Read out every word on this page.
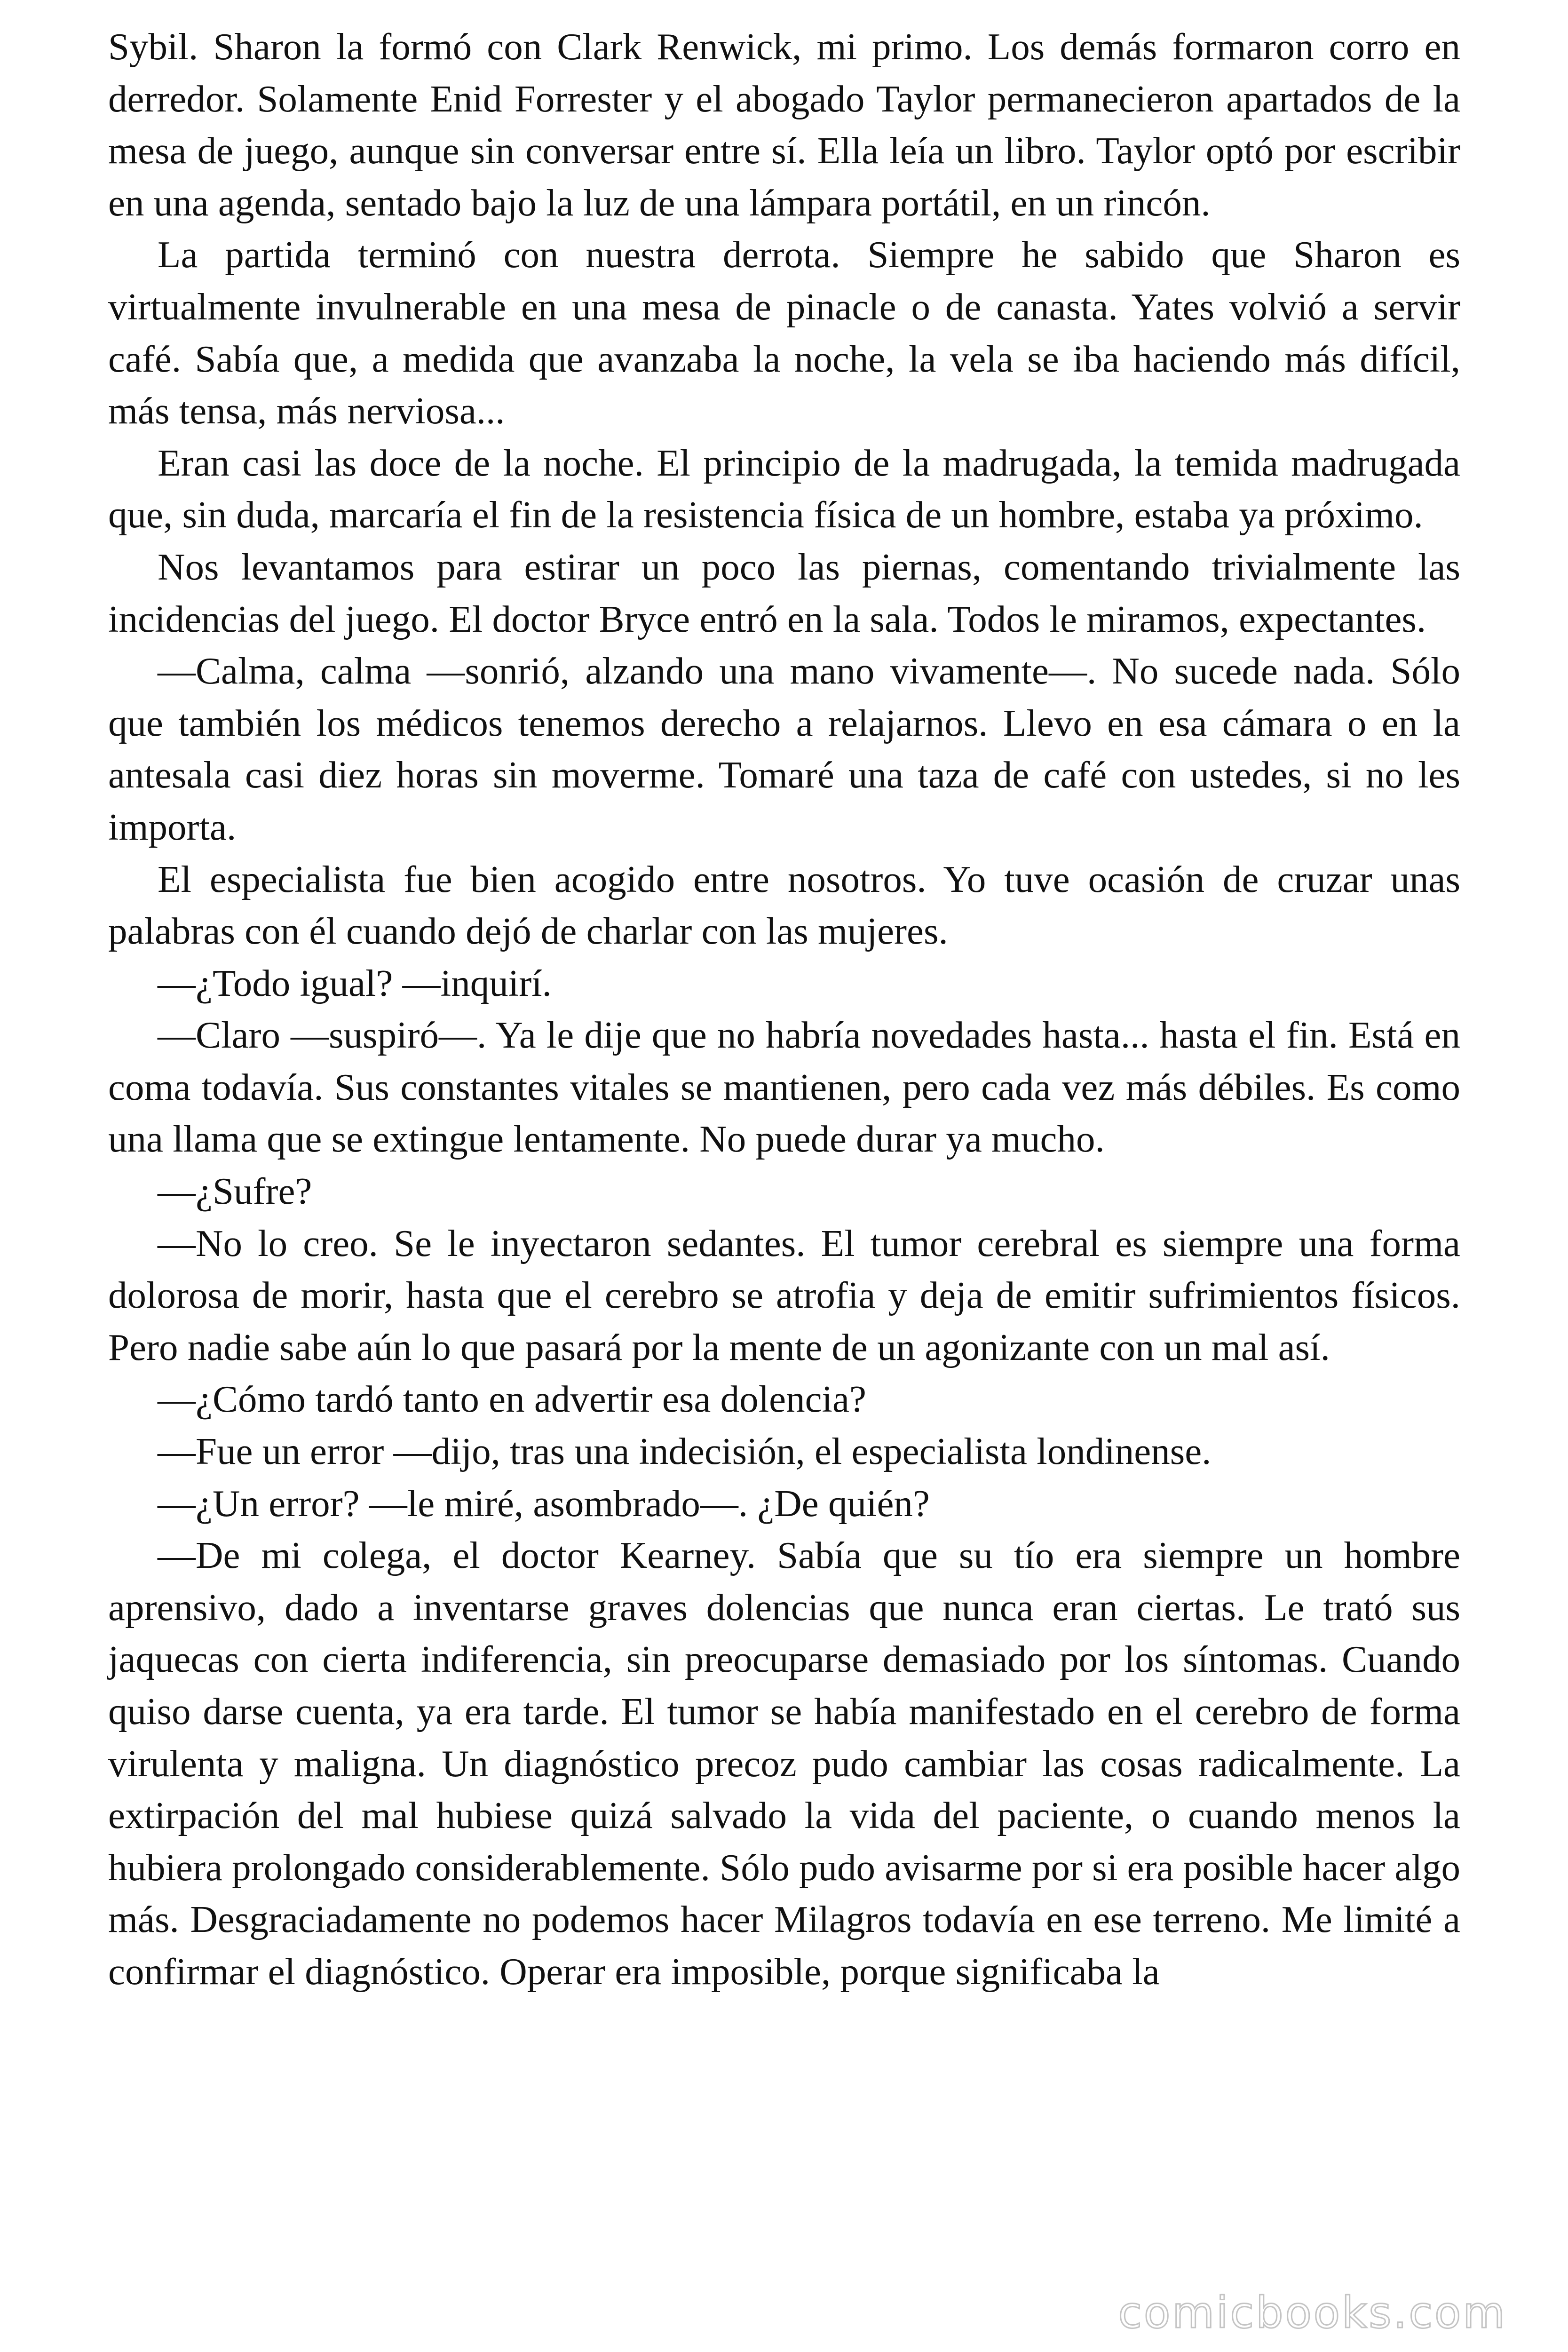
Sybil. Sharon la formó con Clark Renwick, mi primo. Los demás formaron corro en derredor. Solamente Enid Forrester y el abogado Taylor permanecieron apartados de la mesa de juego, aunque sin conversar entre sí. Ella leía un libro. Taylor optó por escribir en una agenda, sentado bajo la luz de una lámpara portátil, en un rincón.

La partida terminó con nuestra derrota. Siempre he sabido que Sharon es virtualmente invulnerable en una mesa de pinacle o de canasta. Yates volvió a servir café. Sabía que, a medida que avanzaba la noche, la vela se iba haciendo más difícil, más tensa, más nerviosa...

Eran casi las doce de la noche. El principio de la madrugada, la temida madrugada que, sin duda, marcaría el fin de la resistencia física de un hombre, estaba ya próximo.

Nos levantamos para estirar un poco las piernas, comentando trivialmente las incidencias del juego. El doctor Bryce entró en la sala. Todos le miramos, expectantes.

—Calma, calma —sonrió, alzando una mano vivamente—. No sucede nada. Sólo que también los médicos tenemos derecho a relajarnos. Llevo en esa cámara o en la antesala casi diez horas sin moverme. Tomaré una taza de café con ustedes, si no les importa.

El especialista fue bien acogido entre nosotros. Yo tuve ocasión de cruzar unas palabras con él cuando dejó de charlar con las mujeres.

—¿Todo igual? —inquirí.

—Claro —suspiró—. Ya le dije que no habría novedades hasta... hasta el fin. Está en coma todavía. Sus constantes vitales se mantienen, pero cada vez más débiles. Es como una llama que se extingue lentamente. No puede durar ya mucho.

—¿Sufre?

—No lo creo. Se le inyectaron sedantes. El tumor cerebral es siempre una forma dolorosa de morir, hasta que el cerebro se atrofia y deja de emitir sufrimientos físicos. Pero nadie sabe aún lo que pasará por la mente de un agonizante con un mal así.

—¿Cómo tardó tanto en advertir esa dolencia?

—Fue un error —dijo, tras una indecisión, el especialista londinense.

—¿Un error? —le miré, asombrado—. ¿De quién?

—De mi colega, el doctor Kearney. Sabía que su tío era siempre un hombre aprensivo, dado a inventarse graves dolencias que nunca eran ciertas. Le trató sus jaquecas con cierta indiferencia, sin preocuparse demasiado por los síntomas. Cuando quiso darse cuenta, ya era tarde. El tumor se había manifestado en el cerebro de forma virulenta y maligna. Un diagnóstico precoz pudo cambiar las cosas radicalmente. La extirpación del mal hubiese quizá salvado la vida del paciente, o cuando menos la hubiera prolongado considerablemente. Sólo pudo avisarme por si era posible hacer algo más. Desgraciadamente no podemos hacer Milagros todavía en ese terreno. Me limité a confirmar el diagnóstico. Operar era imposible, porque significaba la

comicbooks.com
